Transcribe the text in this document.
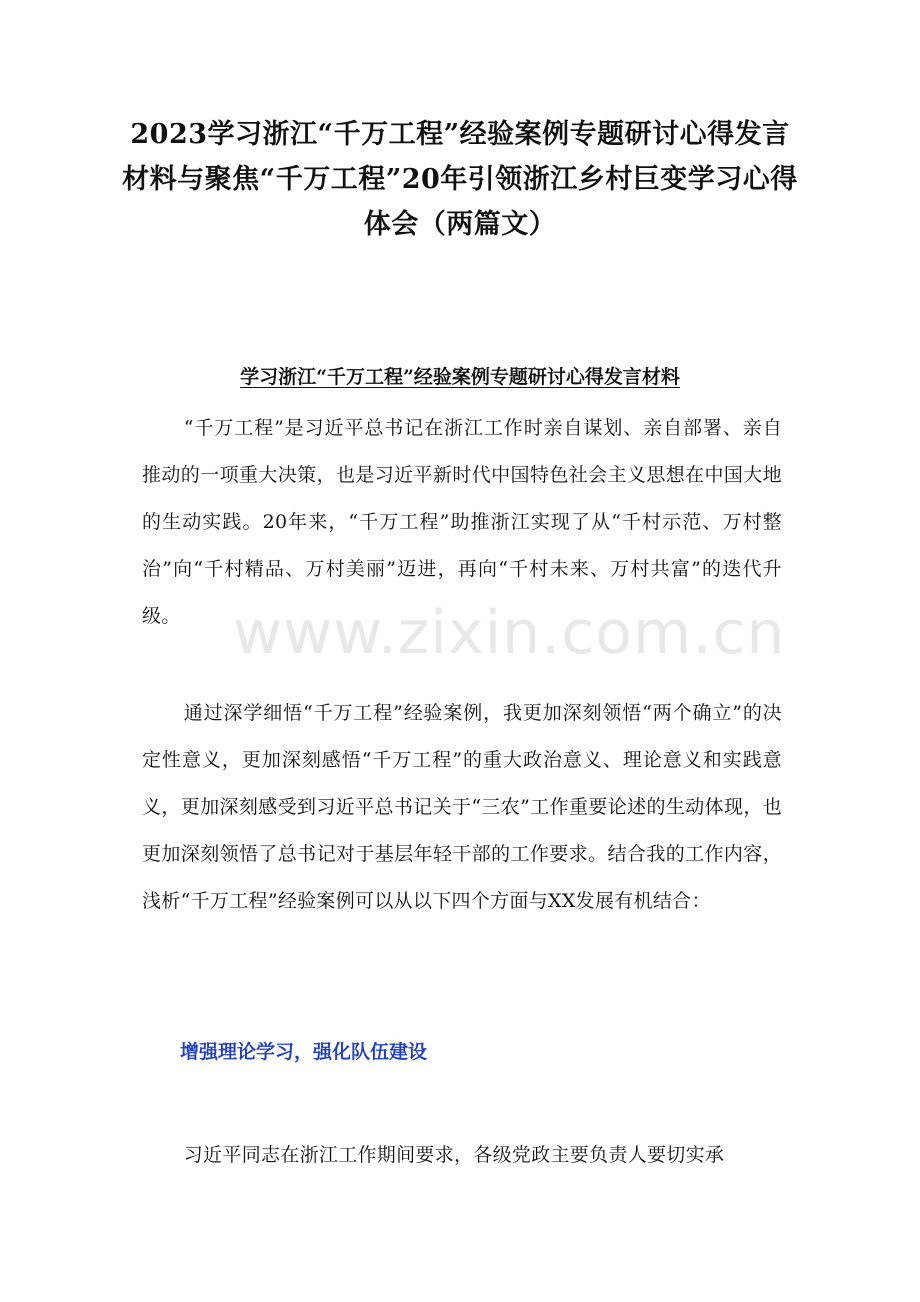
2023学习浙江“千万工程”经验案例专题研讨心得发言材料与聚焦“千万工程”20年引领浙江乡村巨变学习心得体会（两篇文）
学习浙江“千万工程”经验案例专题研讨心得发言材料

“千万工程”是习近平总书记在浙江工作时亲自谋划、亲自部署、亲自推动的一项重大决策，也是习近平新时代中国特色社会主义思想在中国大地的生动实践。20年来，“千万工程”助推浙江实现了从“千村示范、万村整治”向“千村精品、万村美丽”迈进，再向“千村未来、万村共富”的迭代升级。 www.zixin.com.cn

通过深学细悟“千万工程”经验案例，我更加深刻领悟“两个确立”的决定性意义，更加深刻感悟“千万工程”的重大政治意义、理论意义和实践意义，更加深刻感受到习近平总书记关于“三农”工作重要论述的生动体现，也更加深刻领悟了总书记对于基层年轻干部的工作要求。结合我的工作内容，浅析“千万工程”经验案例可以从以下四个方面与XX发展有机结合：

增强理论学习，强化队伍建设

习近平同志在浙江工作期间要求，各级党政主要负责人要切实承
